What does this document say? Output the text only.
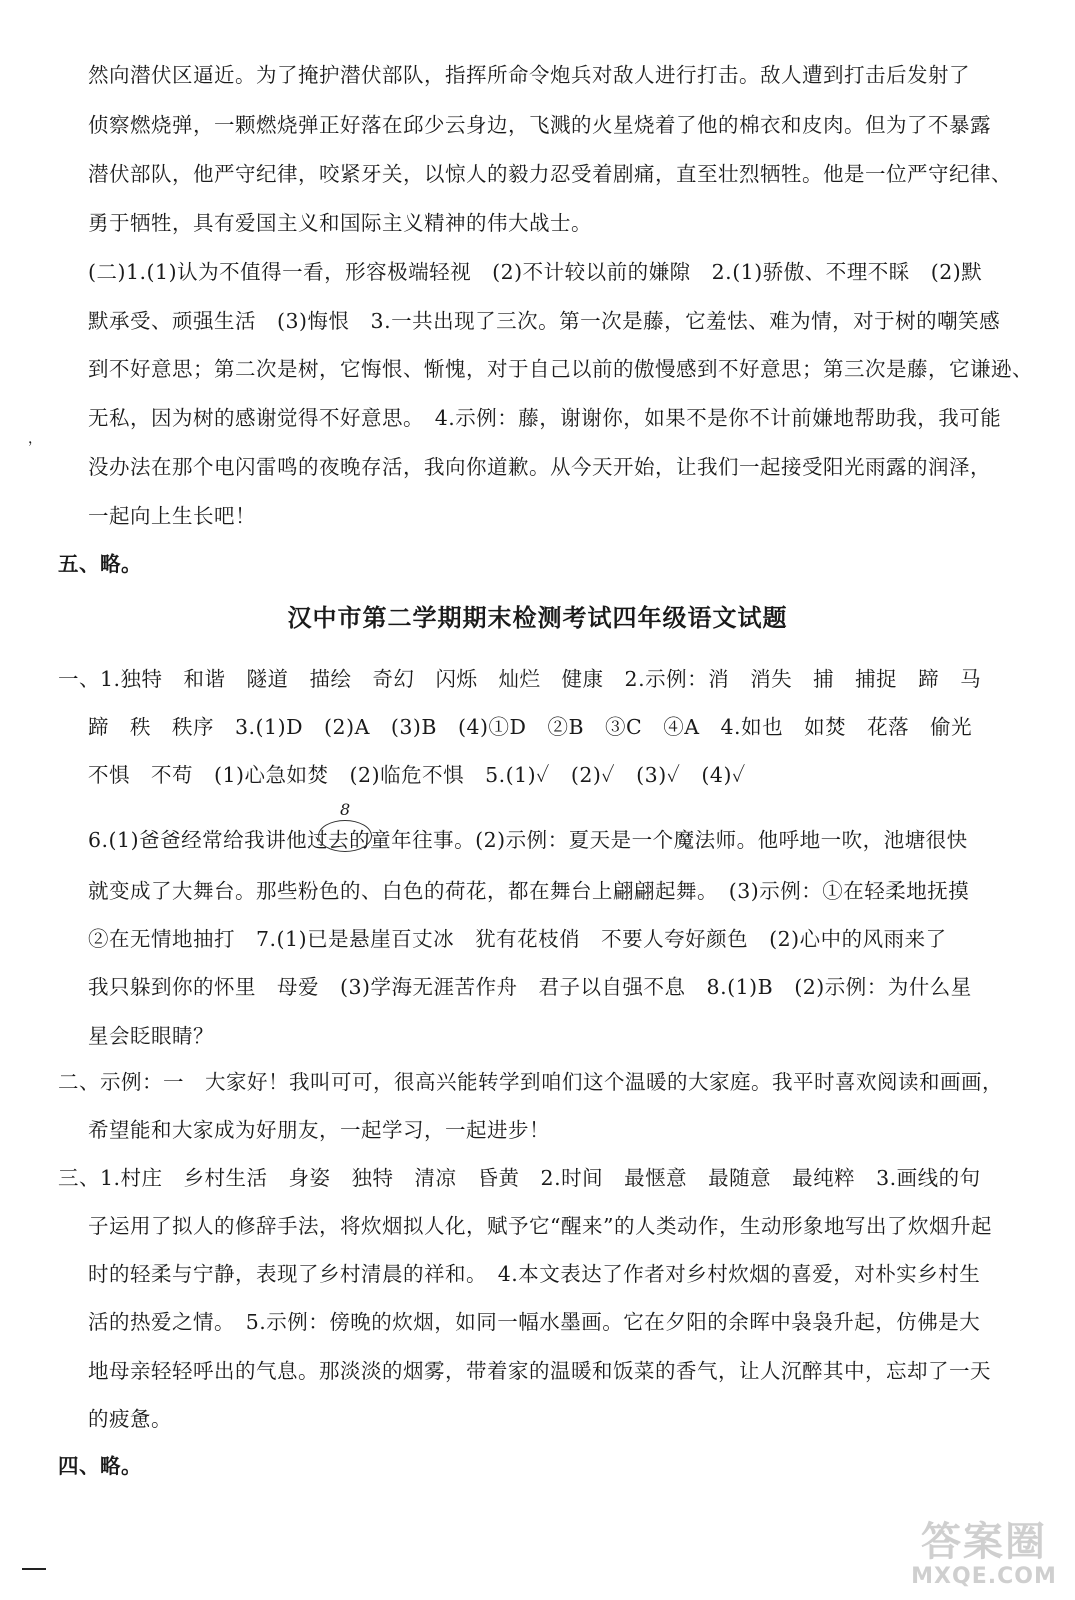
然向潜伏区逼近。为了掩护潜伏部队，指挥所命令炮兵对敌人进行打击。敌人遭到打击后发射了
侦察燃烧弹，一颗燃烧弹正好落在邱少云身边，飞溅的火星烧着了他的棉衣和皮肉。但为了不暴露
潜伏部队，他严守纪律，咬紧牙关，以惊人的毅力忍受着剧痛，直至壮烈牺牲。他是一位严守纪律、
勇于牺牲，具有爱国主义和国际主义精神的伟大战士。
(二)1.(1)认为不值得一看，形容极端轻视　(2)不计较以前的嫌隙　2.(1)骄傲、不理不睬　(2)默
默承受、顽强生活　(3)悔恨　3.一共出现了三次。第一次是藤，它羞怯、难为情，对于树的嘲笑感
到不好意思；第二次是树，它悔恨、惭愧，对于自己以前的傲慢感到不好意思；第三次是藤，它谦逊、
无私，因为树的感谢觉得不好意思。　4.示例：藤，谢谢你，如果不是你不计前嫌地帮助我，我可能
没办法在那个电闪雷鸣的夜晚存活，我向你道歉。从今天开始，让我们一起接受阳光雨露的润泽，
一起向上生长吧！
五、略。
汉中市第二学期期末检测考试四年级语文试题
一、1.独特　和谐　隧道　描绘　奇幻　闪烁　灿烂　健康　2.示例：消　消失　捕　捕捉　蹄　马
蹄　秩　秩序　3.(1)D　(2)A　(3)B　(4)①D　②B　③C　④A　4.如也　如焚　花落　偷光
不惧　不苟　(1)心急如焚　(2)临危不惧　5.(1)✓　(2)✓　(3)✓　(4)✓
6.(1)爸爸经常给我讲他过去的童年往事。(2)示例：夏天是一个魔法师。他呼地一吹，池塘很快
就变成了大舞台。那些粉色的、白色的荷花，都在舞台上翩翩起舞。　(3)示例：①在轻柔地抚摸
②在无情地抽打　7.(1)已是悬崖百丈冰　犹有花枝俏　不要人夸好颜色　(2)心中的风雨来了
我只躲到你的怀里　母爱　(3)学海无涯苦作舟　君子以自强不息　8.(1)B　(2)示例：为什么星
星会眨眼睛？
二、示例：一　大家好！我叫可可，很高兴能转学到咱们这个温暖的大家庭。我平时喜欢阅读和画画，
希望能和大家成为好朋友，一起学习，一起进步！
三、1.村庄　乡村生活　身姿　独特　清凉　昏黄　2.时间　最惬意　最随意　最纯粹　3.画线的句
子运用了拟人的修辞手法，将炊烟拟人化，赋予它“醒来”的人类动作，生动形象地写出了炊烟升起
时的轻柔与宁静，表现了乡村清晨的祥和。　4.本文表达了作者对乡村炊烟的喜爱，对朴实乡村生
活的热爱之情。　5.示例：傍晚的炊烟，如同一幅水墨画。它在夕阳的余晖中袅袅升起，仿佛是大
地母亲轻轻呼出的气息。那淡淡的烟雾，带着家的温暖和饭菜的香气，让人沉醉其中，忘却了一天
的疲惫。
四、略。
，
8
答案圈
MXQE.COM
